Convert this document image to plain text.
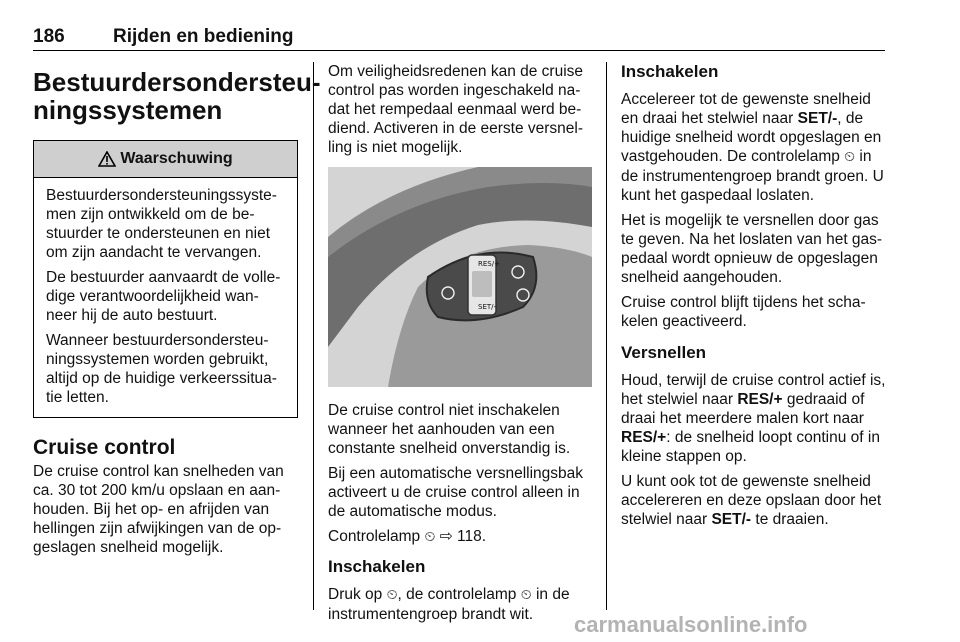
186	Rijden en bediening
Bestuurdersondersteu-ningssystemen
Waarschuwing

Bestuurdersondersteuningssyste-men zijn ontwikkeld om de be-stuurder te ondersteunen en niet om zijn aandacht te vervangen.

De bestuurder aanvaardt de volle-dige verantwoordelijkheid wan-neer hij de auto bestuurt.

Wanneer bestuurdersondersteu-ningssystemen worden gebruikt, altijd op de huidige verkeerssitua-tie letten.

Cruise control

De cruise control kan snelheden van ca. 30 tot 200 km/u opslaan en aan-houden. Bij het op- en afrijden van hellingen zijn afwijkingen van de op-geslagen snelheid mogelijk.

Om veiligheidsredenen kan de cruise control pas worden ingeschakeld na-dat het rempedaal eenmaal werd be-diend. Activeren in de eerste versnel-ling is niet mogelijk.

RES/+
SET/-

De cruise control niet inschakelen wanneer het aanhouden van een constante snelheid onverstandig is.

Bij een automatische versnellingsbak activeert u de cruise control alleen in de automatische modus.

Controlelamp ⏲ ⇨ 118.

Inschakelen

Druk op ⏲, de controlelamp ⏲ in de instrumentengroep brandt wit.

Inschakelen

Accelereer tot de gewenste snelheid en draai het stelwiel naar SET/-, de huidige snelheid wordt opgeslagen en vastgehouden. De controlelamp ⏲ in de instrumentengroep brandt groen. U kunt het gaspedaal loslaten.

Het is mogelijk te versnellen door gas te geven. Na het loslaten van het gas-pedaal wordt opnieuw de opgeslagen snelheid aangehouden.

Cruise control blijft tijdens het scha-kelen geactiveerd.

Versnellen

Houd, terwijl de cruise control actief is, het stelwiel naar RES/+ gedraaid of draai het meerdere malen kort naar RES/+: de snelheid loopt continu of in kleine stappen op.

U kunt ook tot de gewenste snelheid accelereren en deze opslaan door het stelwiel naar SET/- te draaien.

carmanualsonline.info
